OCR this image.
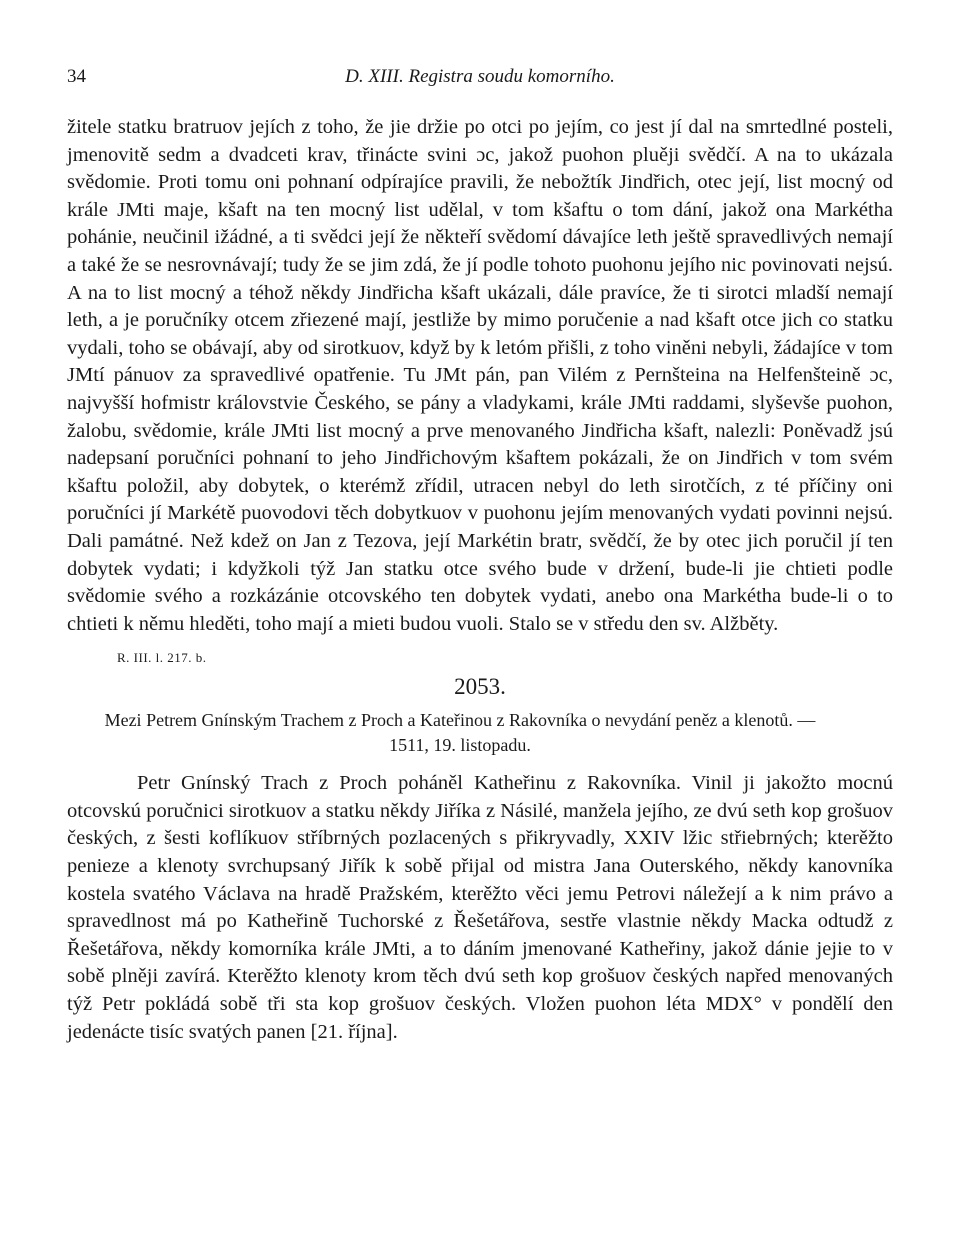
34	D. XIII. Registra soudu komorního.

žitele statku bratruov jejích z toho, že jie držie po otci po jejím, co jest jí dal na smrtedlné posteli, jmenovitě sedm a dvadceti krav, třinácte svini ɔc, jakož puohon pluěji svědčí. A na to ukázala svědomie. Proti tomu oni pohnaní odpírajíce pravili, že nebožtík Jindřich, otec její, list mocný od krále JMti maje, kšaft na ten mocný list udělal, v tom kšaftu o tom dání, jakož ona Markétha pohánie, neučinil ižádné, a ti svědci její že někteří svědomí dávajíce leth ještě spravedlivých nemají a také že se nesrovnávají; tudy že se jim zdá, že jí podle tohoto puohonu jejího nic povinovati nejsú. A na to list mocný a téhož někdy Jindřicha kšaft ukázali, dále pravíce, že ti sirotci mladší nemají leth, a je poručníky otcem zřiezené mají, jestliže by mimo poručenie a nad kšaft otce jich co statku vydali, toho se obávají, aby od sirotkuov, když by k letóm přišli, z toho viněni nebyli, žádajíce v tom JMtí pánuov za spravedlivé opatřenie. Tu JMt pán, pan Vilém z Pernšteina na Helfenšteině ɔc, najvyšší hofmistr královstvie Českého, se pány a vladykami, krále JMti raddami, slyševše puohon, žalobu, svědomie, krále JMti list mocný a prve menovaného Jindřicha kšaft, nalezli: Poněvadž jsú nadepsaní poručníci pohnaní to jeho Jindřichovým kšaftem pokázali, že on Jindřich v tom svém kšaftu položil, aby dobytek, o kterémž zřídil, utracen nebyl do leth sirotčích, z té příčiny oni poručníci jí Markétě puovodovi těch dobytkuov v puohonu jejím menovaných vydati povinni nejsú. Dali památné. Než kdež on Jan z Tezova, její Markétin bratr, svědčí, že by otec jich poručil jí ten dobytek vydati; i kdyžkoli týž Jan statku otce svého bude v držení, bude-li jie chtieti podle svědomie svého a rozkázánie otcovského ten dobytek vydati, anebo ona Markétha bude-li o to chtieti k němu hleděti, toho mají a mieti budou vuoli. Stalo se v středu den sv. Alžběty.

R. III. l. 217. b.
2053.
Mezi Petrem Gnínským Trachem z Proch a Kateřinou z Rakovníka o nevydání peněz a klenotů. — 1511, 19. listopadu.

Petr Gnínský Trach z Proch poháněl Katheřinu z Rakovníka. Vinil ji jakožto mocnú otcovskú poručnici sirotkuov a statku někdy Jiříka z Násilé, manžela jejího, ze dvú seth kop grošuov českých, z šesti koflíkuov stříbrných pozlacených s přikryvadly, XXIV lžic střiebrných; kterěžto penieze a klenoty svrchupsaný Jiřík k sobě přijal od mistra Jana Outerského, někdy kanovníka kostela svatého Václava na hradě Pražském, kterěžto věci jemu Petrovi náležejí a k nim právo a spravedlnost má po Katheřině Tuchorské z Řešetářova, sestře vlastnie někdy Macka odtudž z Řešetářova, někdy komorníka krále JMti, a to dáním jmenované Katheřiny, jakož dánie jejie to v sobě plněji zavírá. Kterěžto klenoty krom těch dvú seth kop grošuov českých napřed menovaných týž Petr pokládá sobě tři sta kop grošuov českých. Vložen puohon léta MDX° v pondělí den jedenácte tisíc svatých panen [21. října].
